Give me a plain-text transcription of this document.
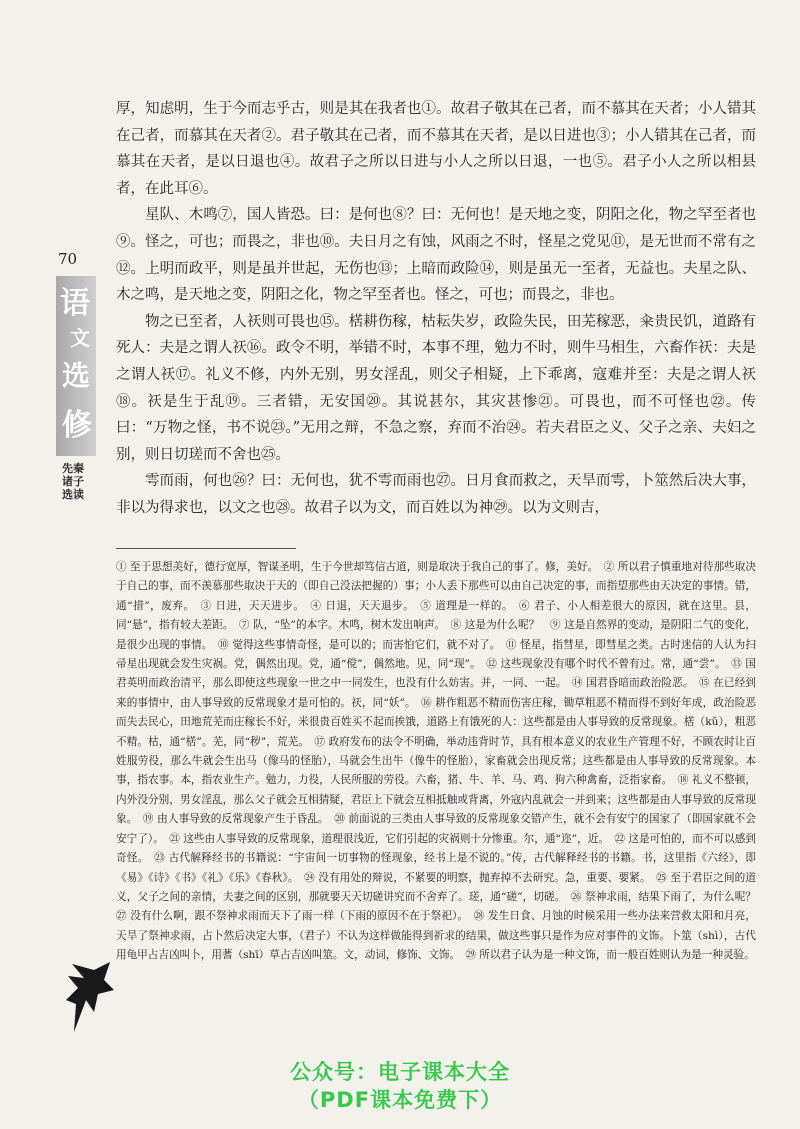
70
语
文
选
修
先秦诸子选读

厚，知虑明，生于今而志乎古，则是其在我者也①。故君子敬其在己者，而不慕其在天者；小人错其在己者，而慕其在天者②。君子敬其在己者，而不慕其在天者，是以日进也③；小人错其在己者，而慕其在天者，是以日退也④。故君子之所以日进与小人之所以日退，一也⑤。君子小人之所以相县者，在此耳⑥。

星队、木鸣⑦，国人皆恐。曰：是何也⑧？曰：无何也！是天地之变，阴阳之化，物之罕至者也⑨。怪之，可也；而畏之，非也⑩。夫日月之有蚀，风雨之不时，怪星之党见⑪，是无世而不常有之⑫。上明而政平，则是虽并世起，无伤也⑬；上暗而政险⑭，则是虽无一至者，无益也。夫星之队、木之鸣，是天地之变，阴阳之化，物之罕至者也。怪之，可也；而畏之，非也。

物之已至者，人祆则可畏也⑮。楛耕伤稼，枯耘失岁，政险失民，田芜稼恶，籴贵民饥，道路有死人：夫是之谓人祆⑯。政令不明，举错不时，本事不理，勉力不时，则牛马相生，六畜作祆：夫是之谓人祆⑰。礼义不修，内外无别，男女淫乱，则父子相疑，上下乖离，寇难并至：夫是之谓人祆⑱。祆是生于乱⑲。三者错，无安国⑳。其说甚尔，其灾甚惨㉑。可畏也，而不可怪也㉒。传曰：“万物之怪，书不说㉓。”无用之辩，不急之察，弃而不治㉔。若夫君臣之义、父子之亲、夫妇之别，则日切瑳而不舍也㉕。

雩而雨，何也㉖？曰：无何也，犹不雩而雨也㉗。日月食而救之，天旱而雩，卜筮然后决大事，非以为得求也，以文之也㉘。故君子以为文，而百姓以为神㉙。以为文则吉，

① 至于思想美好，德行宽厚，智谋圣明，生于今世却笃信古道，则是取决于我自己的事了。修，美好。　② 所以君子慎重地对待那些取决于自己的事，而不羡慕那些取决于天的（即自己没法把握的）事；小人丢下那些可以由自己决定的事，而指望那些由天决定的事情。错，通“措”，废弃。　③ 日进，天天进步。　④ 日退，天天退步。　⑤ 道理是一样的。　⑥ 君子、小人相差很大的原因，就在这里。县，同“悬”，指有较大差距。　⑦ 队，“坠”的本字。木鸣，树木发出响声。　⑧ 这是为什么呢？　⑨ 这是自然界的变动，是阴阳二气的变化，是很少出现的事情。　⑩ 觉得这些事情奇怪，是可以的；而害怕它们，就不对了。　⑪ 怪星，指彗星，即彗星之类。古时迷信的人认为扫帚星出现就会发生灾祸。党，偶然出现。党，通“傥”，偶然地。见，同“现”。　⑫ 这些现象没有哪个时代不曾有过。常，通“尝”。　⑬ 国君英明而政治清平，那么即使这些现象一世之中一同发生，也没有什么妨害。并，一同、一起。　⑭ 国君昏暗而政治险恶。　⑮ 在已经到来的事情中，由人事导致的反常现象才是可怕的。祆，同“妖”。　⑯ 耕作粗恶不精而伤害庄稼，锄草粗恶不精而得不到好年成，政治险恶而失去民心，田地荒芜而庄稼长不好，米很贵百姓买不起而挨饿，道路上有饿死的人：这些都是由人事导致的反常现象。楛（kǔ），粗恶不精。枯，通“楛”。芜，同“秽”，荒芜。　⑰ 政府发布的法令不明确，举动违背时节，具有根本意义的农业生产管理不好，不顾农时让百姓服劳役，那么牛就会生出马（像马的怪胎），马就会生出牛（像牛的怪胎），家畜就会出现反常；这些都是由人事导致的反常现象。本事，指农事。本，指农业生产。勉力，力役，人民所服的劳役。六畜，猪、牛、羊、马、鸡、狗六种禽畜，泛指家畜。　⑱ 礼义不整顿，内外没分别，男女淫乱，那么父子就会互相猜疑，君臣上下就会互相抵触或背离，外寇内乱就会一并到来；这些都是由人事导致的反常现象。　⑲ 由人事导致的反常现象产生于昏乱。　⑳ 前面说的三类由人事导致的反常现象交错产生，就不会有安宁的国家了（即国家就不会安宁了）。　㉑ 这些由人事导致的反常现象，道理很浅近，它们引起的灾祸则十分惨重。尔，通“迩”，近。　㉒ 这是可怕的，而不可以感到奇怪。　㉓ 古代解释经书的书籍说：“宇宙间一切事物的怪现象，经书上是不说的。”传，古代解释经书的书籍。书，这里指《六经》，即《易》《诗》《书》《礼》《乐》《春秋》。　㉔ 没有用处的辩说，不紧要的明察，抛弃掉不去研究。急，重要、要紧。　㉕ 至于君臣之间的道义，父子之间的亲情，夫妻之间的区别，那就要天天切磋讲究而不舍弃了。瑳，通“磋”，切磋。　㉖ 祭神求雨，结果下雨了，为什么呢？　㉗ 没有什么啊，跟不祭神求雨而天下了雨一样（下雨的原因不在于祭祀）。　㉘ 发生日食、月蚀的时候采用一些办法来营救太阳和月亮，天旱了祭神求雨，占卜然后决定大事，（君子）不认为这样做能得到祈求的结果，做这些事只是作为应对事件的文饰。卜筮（shì），古代用龟甲占吉凶叫卜，用蓍（shī）草占吉凶叫筮。文，动词，修饰、文饰。　㉙ 所以君子认为是一种文饰，而一般百姓则认为是一种灵验。
公众号：电子课本大全
（PDF课本免费下）
